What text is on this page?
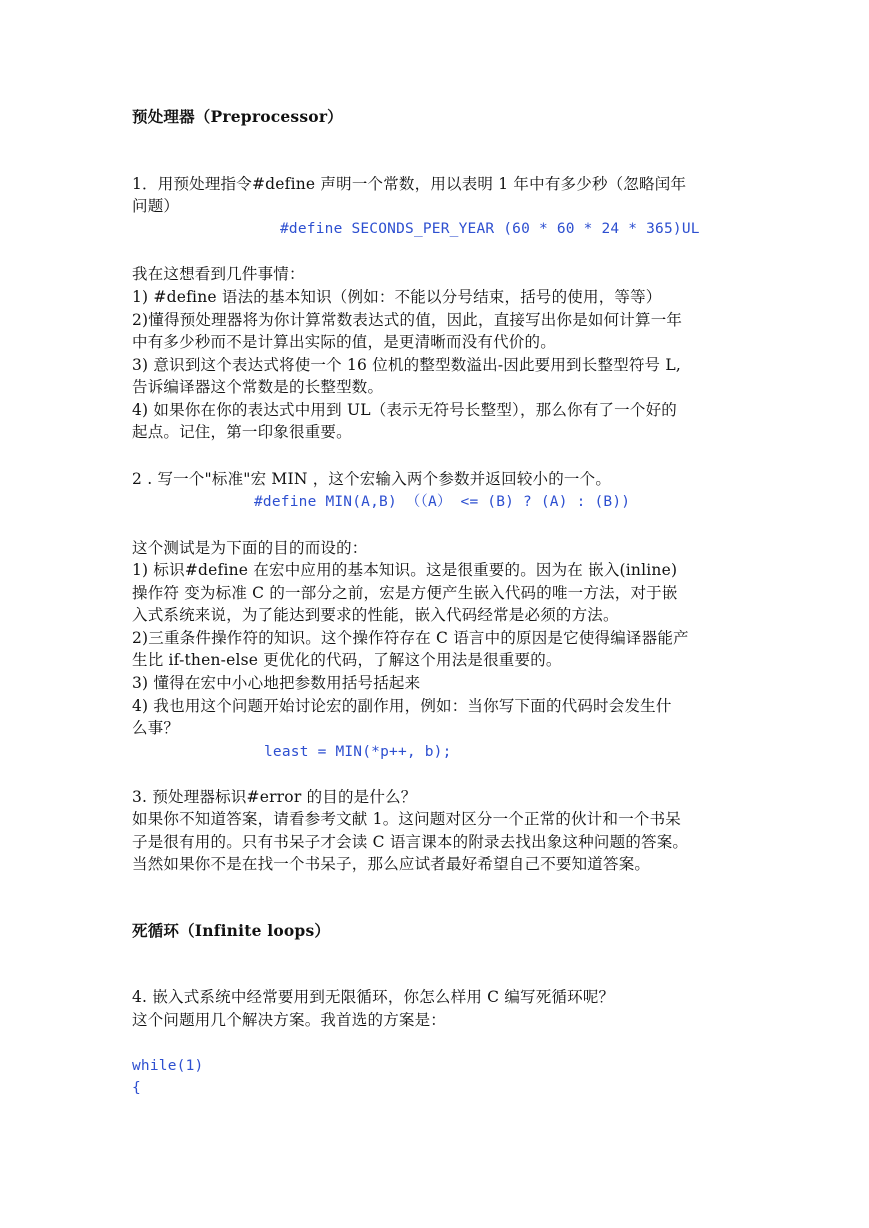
预处理器（Preprocessor）
1．用预处理指令#define 声明一个常数，用以表明 1 年中有多少秒（忽略闰年
问题）
#define SECONDS_PER_YEAR (60 * 60 * 24 * 365)UL
我在这想看到几件事情：
1) #define 语法的基本知识（例如：不能以分号结束，括号的使用，等等）
2)懂得预处理器将为你计算常数表达式的值，因此，直接写出你是如何计算一年
中有多少秒而不是计算出实际的值，是更清晰而没有代价的。
3) 意识到这个表达式将使一个 16 位机的整型数溢出-因此要用到长整型符号 L,
告诉编译器这个常数是的长整型数。
4) 如果你在你的表达式中用到 UL（表示无符号长整型），那么你有了一个好的
起点。记住，第一印象很重要。
2 . 写一个"标准"宏 MIN ，这个宏输入两个参数并返回较小的一个。
#define MIN(A,B) （（A） <= (B) ? (A) : (B))
这个测试是为下面的目的而设的：
1) 标识#define 在宏中应用的基本知识。这是很重要的。因为在 嵌入(inline)
操作符 变为标准 C 的一部分之前，宏是方便产生嵌入代码的唯一方法，对于嵌
入式系统来说，为了能达到要求的性能，嵌入代码经常是必须的方法。
2)三重条件操作符的知识。这个操作符存在 C 语言中的原因是它使得编译器能产
生比 if-then-else 更优化的代码，了解这个用法是很重要的。
3) 懂得在宏中小心地把参数用括号括起来
4) 我也用这个问题开始讨论宏的副作用，例如：当你写下面的代码时会发生什
么事？
least = MIN(*p++, b);
3. 预处理器标识#error 的目的是什么？
如果你不知道答案，请看参考文献 1。这问题对区分一个正常的伙计和一个书呆
子是很有用的。只有书呆子才会读 C 语言课本的附录去找出象这种问题的答案。
当然如果你不是在找一个书呆子，那么应试者最好希望自己不要知道答案。
死循环（Infinite loops）
4. 嵌入式系统中经常要用到无限循环，你怎么样用 C 编写死循环呢？
这个问题用几个解决方案。我首选的方案是：
while(1)
{
